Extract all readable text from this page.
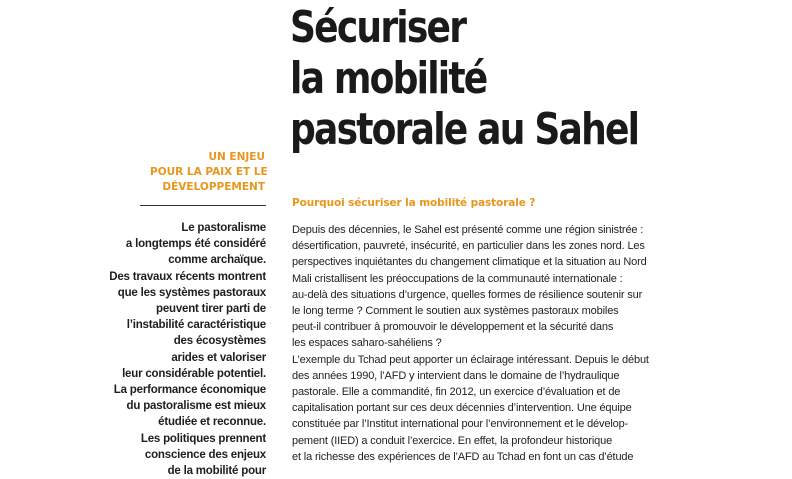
Sécuriser
la mobilité
pastorale au Sahel
UN ENJEU
POUR LA PAIX ET LE
DÉVELOPPEMENT
Le pastoralisme
a longtemps été considéré
comme archaïque.
Des travaux récents montrent
que les systèmes pastoraux
peuvent tirer parti de
l’instabilité caractéristique
des écosystèmes
arides et valoriser
leur considérable potentiel.
La performance économique
du pastoralisme est mieux
étudiée et reconnue.
Les politiques prennent
conscience des enjeux
de la mobilité pour
Pourquoi sécuriser la mobilité pastorale ?
Depuis des décennies, le Sahel est présenté comme une région sinistrée :
désertification, pauvreté, insécurité, en particulier dans les zones nord. Les
perspectives inquiétantes du changement climatique et la situation au Nord
Mali cristallisent les préoccupations de la communauté internationale :
au-delà des situations d’urgence, quelles formes de résilience soutenir sur
le long terme ? Comment le soutien aux systèmes pastoraux mobiles
peut-il contribuer à promouvoir le développement et la sécurité dans
les espaces saharo-sahéliens ?
L’exemple du Tchad peut apporter un éclairage intéressant. Depuis le début
des années 1990, l’AFD y intervient dans le domaine de l’hydraulique
pastorale. Elle a commandité, fin 2012, un exercice d’évaluation et de
capitalisation portant sur ces deux décennies d’intervention. Une équipe
constituée par l’Institut international pour l’environnement et le dévelop-
pement (IIED) a conduit l’exercice. En effet, la profondeur historique
et la richesse des expériences de l’AFD au Tchad en font un cas d’étude
